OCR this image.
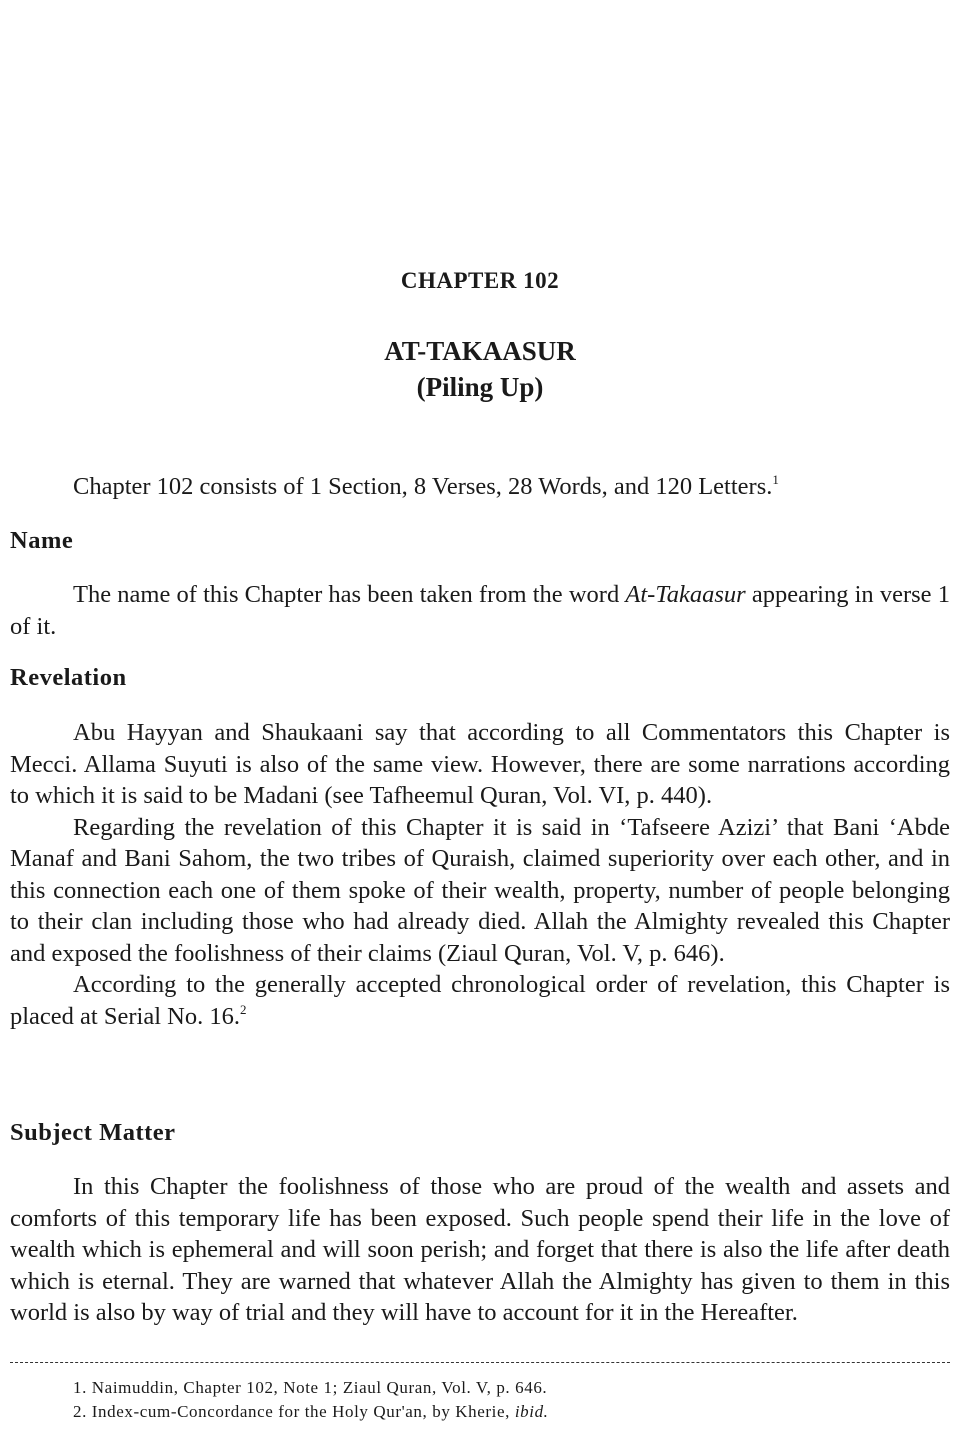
CHAPTER 102
AT-TAKAASUR
(Piling Up)

Chapter 102 consists of 1 Section, 8 Verses, 28 Words, and 120 Letters.$^1$

Name

The name of this Chapter has been taken from the word At-Takaasur appearing in verse 1 of it.

Revelation

Abu Hayyan and Shaukaani say that according to all Commentators this Chapter is Mecci. Allama Suyuti is also of the same view. However, there are some narrations according to which it is said to be Madani (see Tafheemul Quran, Vol. VI, p. 440).

Regarding the revelation of this Chapter it is said in ‘Tafseere Azizi’ that Bani ‘Abde Manaf and Bani Sahom, the two tribes of Quraish, claimed superiority over each other, and in this connection each one of them spoke of their wealth, property, number of people belonging to their clan including those who had already died. Allah the Almighty revealed this Chapter and exposed the foolishness of their claims (Ziaul Quran, Vol. V, p. 646).

According to the generally accepted chronological order of revelation, this Chapter is placed at Serial No. 16.$^2$

Subject Matter

In this Chapter the foolishness of those who are proud of the wealth and assets and comforts of this temporary life has been exposed. Such people spend their life in the love of wealth which is ephemeral and will soon perish; and forget that there is also the life after death which is eternal. They are warned that whatever Allah the Almighty has given to them in this world is also by way of trial and they will have to account for it in the Hereafter.

1. Naimuddin, Chapter 102, Note 1; Ziaul Quran, Vol. V, p. 646.
2. Index-cum-Concordance for the Holy Qur'an, by Kherie, ibid.
